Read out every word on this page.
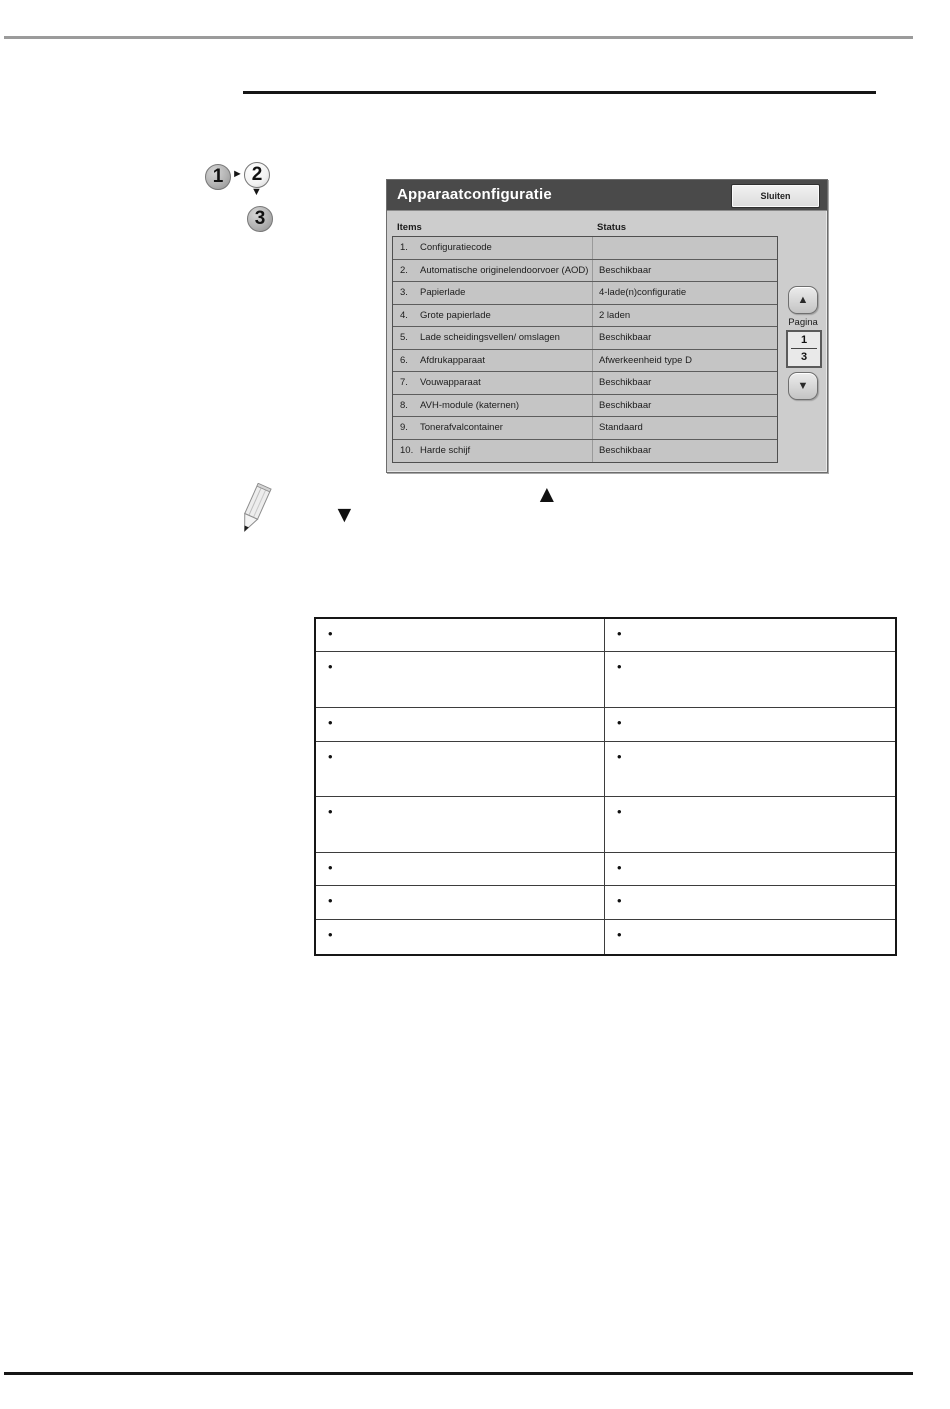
1 ► 2
▼
3
Apparaatconfiguratie	Sluiten
Items	Status
1. Configuratiecode
2. Automatische originelendoorvoer (AOD)	Beschikbaar
3. Papierlade	4-lade(n)configuratie
4. Grote papierlade	2 laden
5. Lade scheidingsvellen/ omslagen	Beschikbaar
6. Afdrukapparaat	Afwerkeenheid type D
7. Vouwapparaat	Beschikbaar
8. AVH-module (katernen)	Beschikbaar
9. Tonerafvalcontainer	Standaard
10. Harde schijf	Beschikbaar
▲
Pagina
1
3
▼
▼
▲
•	•
•	•
•	•
•	•
•	•
•	•
•	•
•	•
